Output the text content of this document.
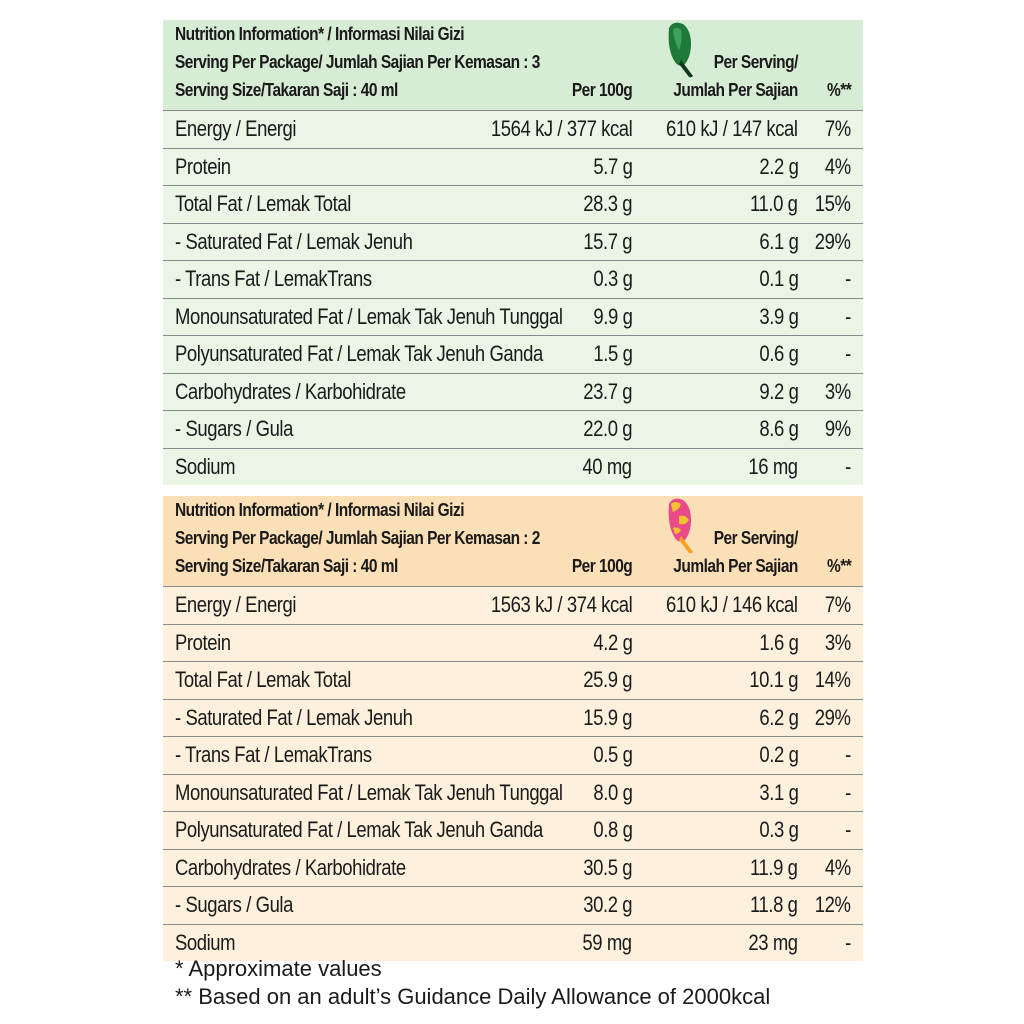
Nutrition Information* / Informasi Nilai Gizi
Serving Per Package/ Jumlah Sajian Per Kemasan : 3
Serving Size/Takaran Saji : 40 ml	Per 100g
Per Serving/
Jumlah Per Sajian %**
Energy / Energi	1564 kJ / 377 kcal 610 kJ / 147 kcal 7%
Protein	5.7 g	2.2 g 4%
Total Fat / Lemak Total	28.3 g	11.0 g 15%
- Saturated Fat / Lemak Jenuh	15.7 g	6.1 g 29%
- Trans Fat / LemakTrans	0.3 g	0.1 g -
Monounsaturated Fat / Lemak Tak Jenuh Tunggal 9.9 g	3.9 g -
Polyunsaturated Fat / Lemak Tak Jenuh Ganda 1.5 g	0.6 g -
Carbohydrates / Karbohidrate	23.7 g	9.2 g 3%
- Sugars / Gula	22.0 g	8.6 g 9%
Sodium	40 mg	16 mg -
Nutrition Information* / Informasi Nilai Gizi
Serving Per Package/ Jumlah Sajian Per Kemasan : 2
Serving Size/Takaran Saji : 40 ml	Per 100g
Per Serving/
Jumlah Per Sajian %**
Energy / Energi	1563 kJ / 374 kcal 610 kJ / 146 kcal 7%
Protein	4.2 g	1.6 g 3%
Total Fat / Lemak Total	25.9 g	10.1 g 14%
- Saturated Fat / Lemak Jenuh	15.9 g	6.2 g 29%
- Trans Fat / LemakTrans	0.5 g	0.2 g -
Monounsaturated Fat / Lemak Tak Jenuh Tunggal 8.0 g	3.1 g -
Polyunsaturated Fat / Lemak Tak Jenuh Ganda 0.8 g	0.3 g -
Carbohydrates / Karbohidrate	30.5 g	11.9 g 4%
- Sugars / Gula	30.2 g	11.8 g 12%
Sodium	59 mg	23 mg -
* Approximate values
** Based on an adult’s Guidance Daily Allowance of 2000kcal
